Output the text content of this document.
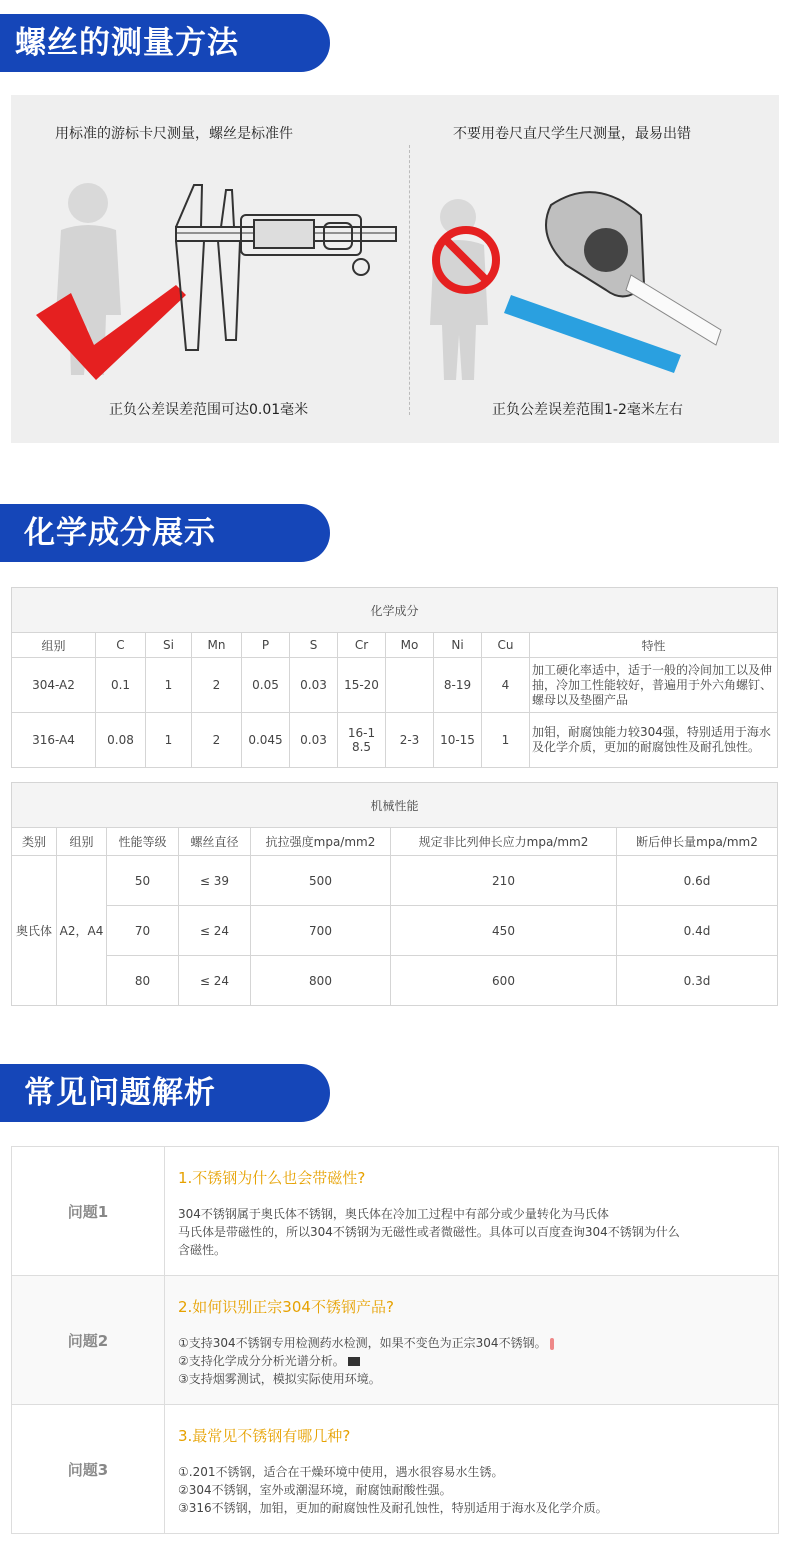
螺丝的测量方法
用标准的游标卡尺测量，螺丝是标准件	不要用卷尺直尺学生尺测量，最易出错
正负公差误差范围可达0.01毫米	正负公差误差范围1-2毫米左右
化学成分展示
化学成分										
组别	C	Si	Mn	P	S	Cr	Mo	Ni	Cu	特性
304-A2	0.1	1	2	0.05	0.03	15-20		8-19	4	加工硬化率适中，适于一般的冷间加工以及伸抽，冷加工性能较好，普遍用于外六角螺钉、螺母以及垫圈产品
316-A4	0.08	1	2	0.045	0.03	16-18.5	2-3	10-15	1	加钼，耐腐蚀能力较304强，特别适用于海水及化学介质，更加的耐腐蚀性及耐孔蚀性。
机械性能						
类别	组别	性能等级	螺丝直径	抗拉强度mpa/mm2	规定非比列伸长应力mpa/mm2	断后伸长量mpa/mm2
奥氏体	A2，A4	50	≤ 39	500	210	0.6d
		70	≤ 24	700	450	0.4d
		80	≤ 24	800	600	0.3d
常见问题解析
问题1
1.不锈钢为什么也会带磁性?
304不锈钢属于奥氏体不锈钢，奥氏体在冷加工过程中有部分或少量转化为马氏体
马氏体是带磁性的，所以304不锈钢为无磁性或者微磁性。具体可以百度查询304不锈钢为什么
含磁性。
问题2
2.如何识别正宗304不锈钢产品?
①支持304不锈钢专用检测药水检测，如果不变色为正宗304不锈钢。
②支持化学成分分析光谱分析。
③支持烟雾测试，模拟实际使用环境。
问题3
3.最常见不锈钢有哪几种?
①.201不锈钢，适合在干燥环境中使用，遇水很容易水生锈。
②304不锈钢，室外或潮湿环境，耐腐蚀耐酸性强。
③316不锈钢，加钼，更加的耐腐蚀性及耐孔蚀性，特别适用于海水及化学介质。
